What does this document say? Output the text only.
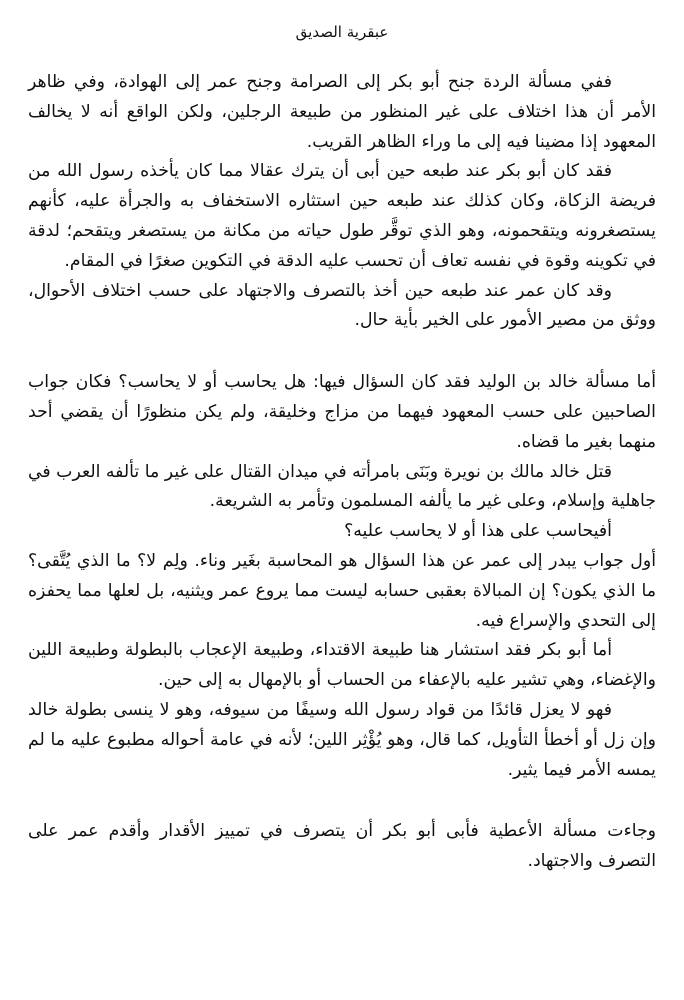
عبقرية الصديق

ففي مسألة الردة جنح أبو بكر إلى الصرامة وجنح عمر إلى الهوادة، وفي ظاهر الأمر أن هذا اختلاف على غير المنظور من طبيعة الرجلين، ولكن الواقع أنه لا يخالف المعهود إذا مضينا فيه إلى ما وراء الظاهر القريب.

فقد كان أبو بكر عند طبعه حين أبى أن يترك عقالا مما كان يأخذه رسول الله من فريضة الزكاة، وكان كذلك عند طبعه حين استثاره الاستخفاف به والجرأة عليه، كأنهم يستصغرونه ويتقحمونه، وهو الذي توقَّر طول حياته من مكانة من يستصغر ويتقحم؛ لدقة في تكوينه وقوة في نفسه تعاف أن تحسب عليه الدقة في التكوين صغرًا في المقام.

وقد كان عمر عند طبعه حين أخذ بالتصرف والاجتهاد على حسب اختلاف الأحوال، ووثق من مصير الأمور على الخير بأية حال.

أما مسألة خالد بن الوليد فقد كان السؤال فيها: هل يحاسب أو لا يحاسب؟ فكان جواب الصاحبين على حسب المعهود فيهما من مزاج وخليقة، ولم يكن منظورًا أن يقضي أحد منهما بغير ما قضاه.

قتل خالد مالك بن نويرة وبَنَى بامرأته في ميدان القتال على غير ما تألفه العرب في جاهلية وإسلام، وعلى غير ما يألفه المسلمون وتأمر به الشريعة.

أفيحاسب على هذا أو لا يحاسب عليه؟

أول جواب يبدر إلى عمر عن هذا السؤال هو المحاسبة بغَير وناء. ولِم لا؟ ما الذي يُتَّقى؟ ما الذي يكون؟ إن المبالاة بعقبى حسابه ليست مما يروع عمر ويثنيه، بل لعلها مما يحفزه إلى التحدي والإسراع فيه.

أما أبو بكر فقد استشار هنا طبيعة الاقتداء، وطبيعة الإعجاب بالبطولة وطبيعة اللين والإغضاء، وهي تشير عليه بالإعفاء من الحساب أو بالإمهال به إلى حين.

فهو لا يعزل قائدًا من قواد رسول الله وسيفًا من سيوفه، وهو لا ينسى بطولة خالد وإن زل أو أخطأ التأويل، كما قال، وهو يُؤْثِر اللين؛ لأنه في عامة أحواله مطبوع عليه ما لم يمسه الأمر فيما يثير.

وجاءت مسألة الأعطية فأبى أبو بكر أن يتصرف في تمييز الأقدار وأقدم عمر على التصرف والاجتهاد.
